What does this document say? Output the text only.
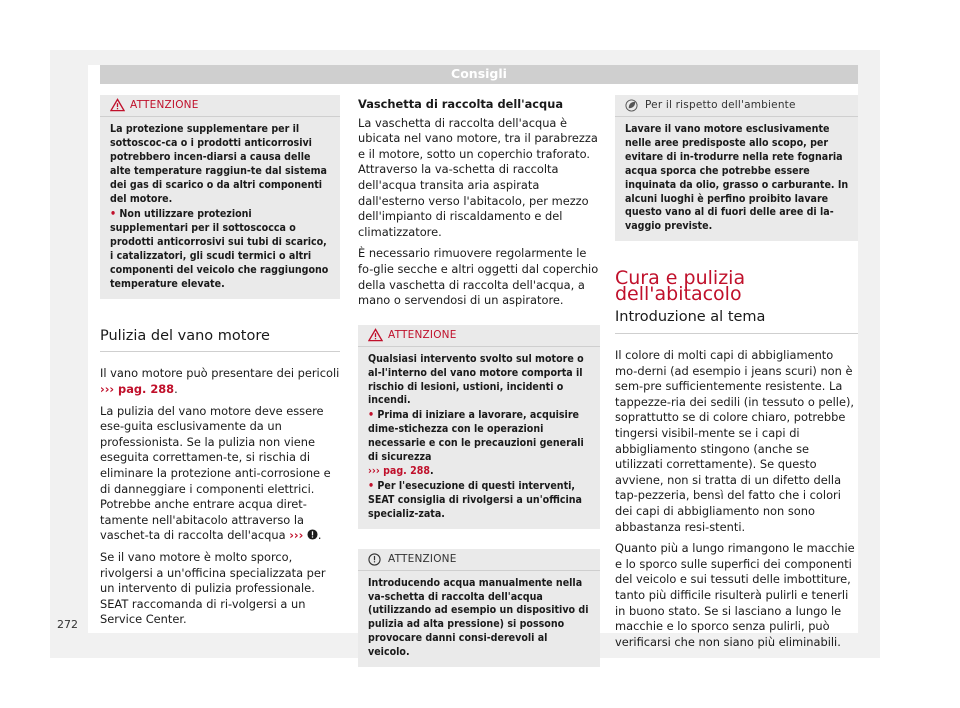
Consigli
ATTENZIONE

La protezione supplementare per il sottoscoc-ca o i prodotti anticorrosivi potrebbero incen-diarsi a causa delle alte temperature raggiun-te dal sistema dei gas di scarico o da altri componenti del motore.

• Non utilizzare protezioni supplementari per il sottoscocca o prodotti anticorrosivi sui tubi di scarico, i catalizzatori, gli scudi termici o altri componenti del veicolo che raggiungono temperature elevate.

Pulizia del vano motore

Il vano motore può presentare dei pericoli
››› pag. 288.

La pulizia del vano motore deve essere ese-guita esclusivamente da un professionista. Se la pulizia non viene eseguita correttamen-te, si rischia di eliminare la protezione anti-corrosione e di danneggiare i componenti elettrici. Potrebbe anche entrare acqua diret-tamente nell'abitacolo attraverso la vaschet-ta di raccolta dell'acqua ››› .

Se il vano motore è molto sporco, rivolgersi a un'officina specializzata per un intervento di pulizia professionale. SEAT raccomanda di ri-volgersi a un Service Center.

Vaschetta di raccolta dell'acqua

La vaschetta di raccolta dell'acqua è ubicata nel vano motore, tra il parabrezza e il motore, sotto un coperchio traforato. Attraverso la va-schetta di raccolta dell'acqua transita aria aspirata dall'esterno verso l'abitacolo, per mezzo dell'impianto di riscaldamento e del climatizzatore.

È necessario rimuovere regolarmente le fo-glie secche e altri oggetti dal coperchio della vaschetta di raccolta dell'acqua, a mano o servendosi di un aspiratore.

ATTENZIONE

Qualsiasi intervento svolto sul motore o al-l'interno del vano motore comporta il rischio di lesioni, ustioni, incidenti o incendi.

• Prima di iniziare a lavorare, acquisire dime-stichezza con le operazioni necessarie e con le precauzioni generali di sicurezza
››› pag. 288.

• Per l'esecuzione di questi interventi, SEAT consiglia di rivolgersi a un'officina specializ-zata.

ATTENZIONE

Introducendo acqua manualmente nella va-schetta di raccolta dell'acqua (utilizzando ad esempio un dispositivo di pulizia ad alta pressione) si possono provocare danni consi-derevoli al veicolo.

Per il rispetto dell'ambiente

Lavare il vano motore esclusivamente nelle aree predisposte allo scopo, per evitare di in-trodurre nella rete fognaria acqua sporca che potrebbe essere inquinata da olio, grasso o carburante. In alcuni luoghi è perfino proibito lavare questo vano al di fuori delle aree di la-vaggio previste.

Cura e pulizia dell'abitacolo
Introduzione al tema

Il colore di molti capi di abbigliamento mo-derni (ad esempio i jeans scuri) non è sem-pre sufficientemente resistente. La tappezze-ria dei sedili (in tessuto o pelle), soprattutto se di colore chiaro, potrebbe tingersi visibil-mente se i capi di abbigliamento stingono (anche se utilizzati correttamente). Se questo avviene, non si tratta di un difetto della tap-pezzeria, bensì del fatto che i colori dei capi di abbigliamento non sono abbastanza resi-stenti.

Quanto più a lungo rimangono le macchie e lo sporco sulle superfici dei componenti del veicolo e sui tessuti delle imbottiture, tanto più difficile risulterà pulirli e tenerli in buono stato. Se si lasciano a lungo le macchie e lo sporco senza pulirli, può verificarsi che non siano più eliminabili.

272
